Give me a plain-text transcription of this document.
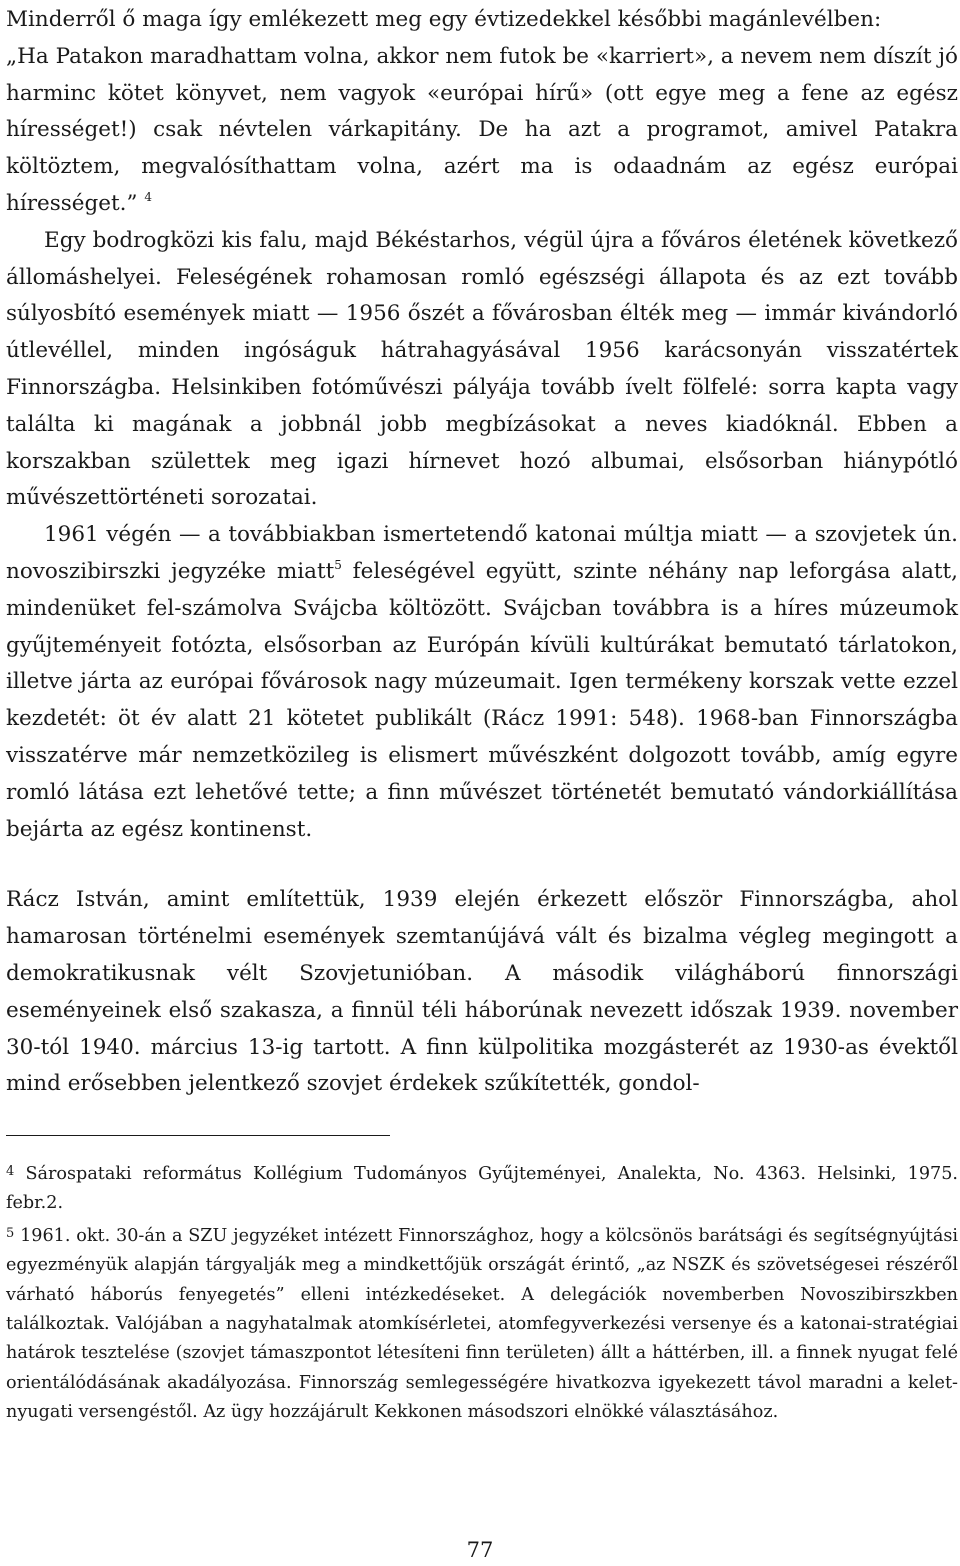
Minderről ő maga így emlékezett meg egy évtizedekkel későbbi magánlevélben:
„Ha Patakon maradhattam volna, akkor nem futok be «karriert», a nevem nem díszít jó harminc kötet könyvet, nem vagyok «európai hírű» (ott egye meg a fene az egész hírességet!) csak névtelen várkapitány. De ha azt a programot, amivel Patakra költöztem, megvalósíthattam volna, azért ma is odaadnám az egész európai hírességet.” $^4$

Egy bodrogközi kis falu, majd Békéstarhos, végül újra a főváros életének következő állomáshelyei. Feleségének rohamosan romló egészségi állapota és az ezt tovább súlyosbító események miatt — 1956 őszét a fővárosban élték meg — immár kivándorló útlevéllel, minden ingóságuk hátrahagyásával 1956 karácsonyán visszatértek Finnországba. Helsinkiben fotóművészi pályája tovább ívelt fölfelé: sorra kapta vagy találta ki magának a jobbnál jobb megbízásokat a neves kiadóknál. Ebben a korszakban születtek meg igazi hírnevet hozó albumai, elsősorban hiánypótló művészettörténeti sorozatai.

1961 végén — a továbbiakban ismertetendő katonai múltja miatt — a szovjetek ún. novoszibirszki jegyzéke miatt$^5$ feleségével együtt, szinte néhány nap leforgása alatt, mindenüket fel-számolva Svájcba költözött. Svájcban továbbra is a híres múzeumok gyűjteményeit fotózta, elsősorban az Európán kívüli kultúrákat bemutató tárlatokon, illetve járta az európai fővárosok nagy múzeumait. Igen termékeny korszak vette ezzel kezdetét: öt év alatt 21 kötetet publikált (Rácz 1991: 548). 1968-ban Finnországba visszatérve már nemzetközileg is elismert művészként dolgozott tovább, amíg egyre romló látása ezt lehetővé tette; a finn művészet történetét bemutató vándorkiállítása bejárta az egész kontinenst.

Rácz István, amint említettük, 1939 elején érkezett először Finnországba, ahol hamarosan történelmi események szemtanújává vált és bizalma végleg megingott a demokratikusnak vélt Szovjetunióban. A második világháború finnországi eseményeinek első szakasza, a finnül téli háborúnak nevezett időszak 1939. november 30-tól 1940. március 13-ig tartott. A finn külpolitika mozgásterét az 1930-as évektől mind erősebben jelentkező szovjet érdekek szűkítették, gondol-

$^4$ Sárospataki református Kollégium Tudományos Gyűjteményei, Analekta, No. 4363. Helsinki, 1975. febr.2.

$^5$ 1961. okt. 30-án a SZU jegyzéket intézett Finnországhoz, hogy a kölcsönös barátsági és segítségnyújtási egyezményük alapján tárgyalják meg a mindkettőjük országát érintő, „az NSZK és szövetségesei részéről várható háborús fenyegetés” elleni intézkedéseket. A delegációk novemberben Novoszibirszkben találkoztak. Valójában a nagyhatalmak atomkísérletei, atomfegyverkezési versenye és a katonai-stratégiai határok tesztelése (szovjet támaszpontot létesíteni finn területen) állt a háttérben, ill. a finnek nyugat felé orientálódásának akadályozása. Finnország semlegességére hivatkozva igyekezett távol maradni a kelet-nyugati versengéstől. Az ügy hozzájárult Kekkonen másodszori elnökké választásához.

77
